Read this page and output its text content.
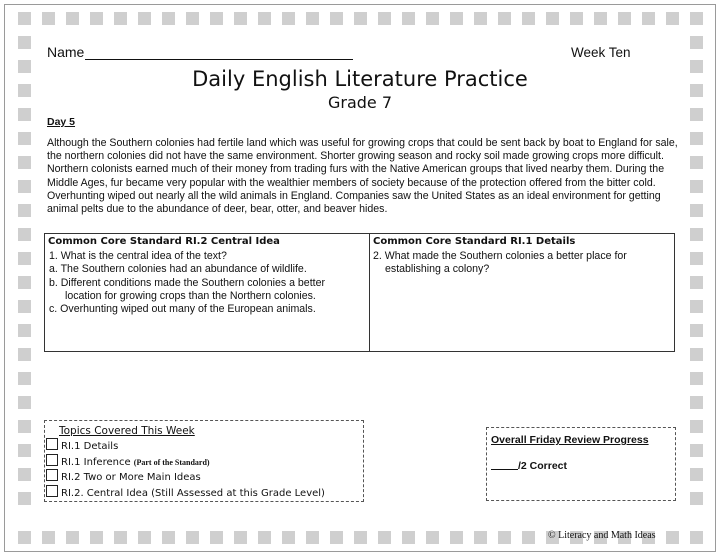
Name	Week Ten
Daily English Literature Practice
Grade 7
Day 5
Although the Southern colonies had fertile land which was useful for growing crops that could be sent back by boat to England for sale, the northern colonies did not have the same environment. Shorter growing season and rocky soil made growing crops more difficult. Northern colonists earned much of their money from trading furs with the Native American groups that lived nearby them. During the Middle Ages, fur became very popular with the wealthier members of society because of the protection offered from the bitter cold. Overhunting wiped out nearly all the wild animals in England. Companies saw the United States as an ideal environment for getting animal pelts due to the abundance of deer, bear, otter, and beaver hides.
Common Core Standard RI.2 Central Idea
1. What is the central idea of the text?
a. The Southern colonies had an abundance of wildlife.
b. Different conditions made the Southern colonies a better
location for growing crops than the Northern colonies.
c. Overhunting wiped out many of the European animals.
Common Core Standard RI.1 Details
2. What made the Southern colonies a better place for
establishing a colony?
Topics Covered This Week
RI.1 Details
RI.1 Inference (Part of the Standard)
RI.2 Two or More Main Ideas
RI.2. Central Idea (Still Assessed at this Grade Level)
Overall Friday Review Progress
/2 Correct
© Literacy and Math Ideas
